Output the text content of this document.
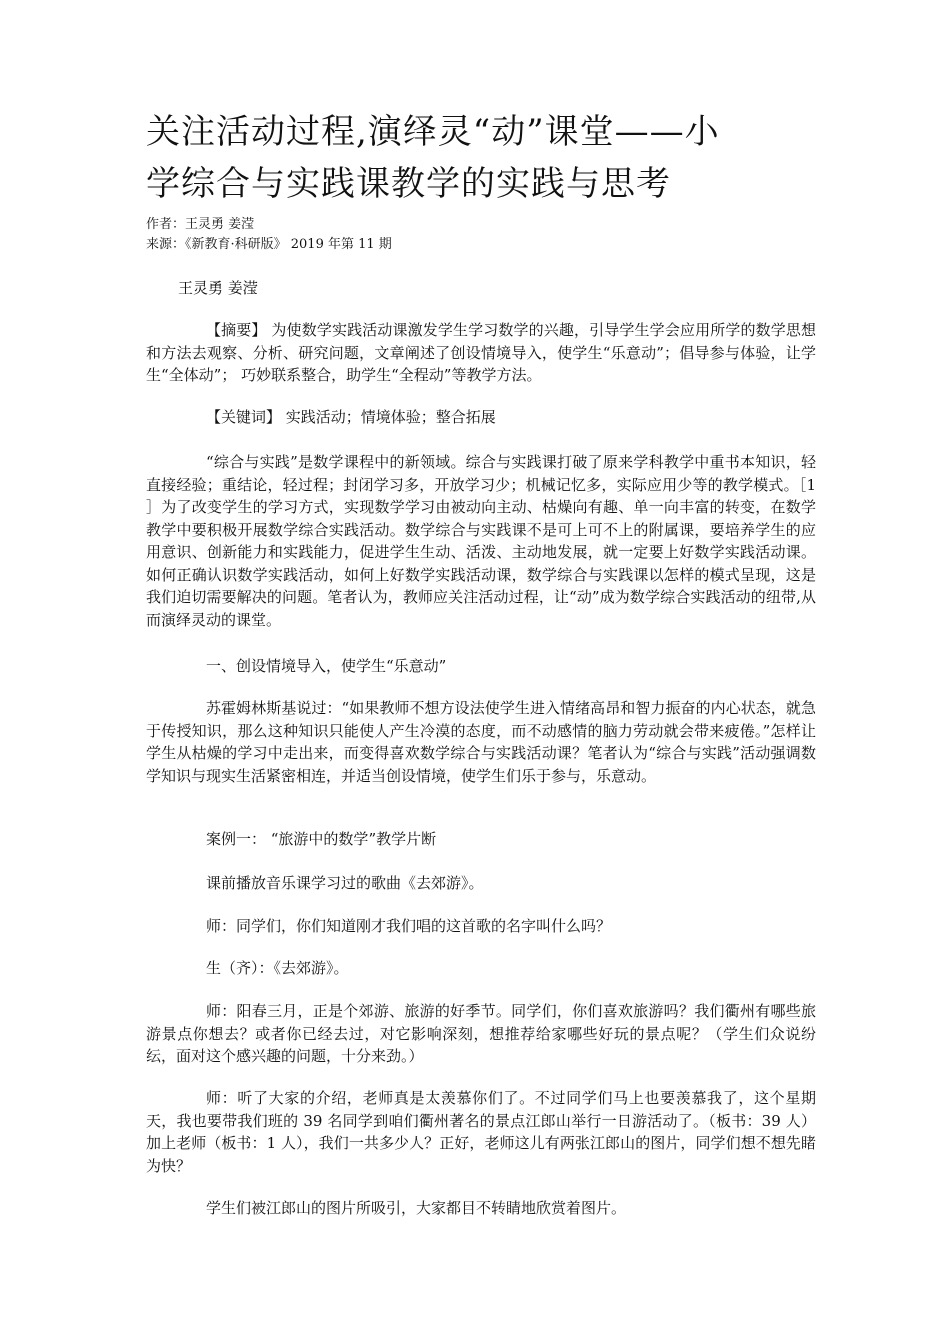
关注活动过程,演绎灵“动”课堂——小
学综合与实践课教学的实践与思考
作者：王灵勇 姜滢
来源：《新教育·科研版》 2019 年第 11 期
王灵勇 姜滢

【摘要】 为使数学实践活动课激发学生学习数学的兴趣，引导学生学会应用所学的数学思想和方法去观察、分析、研究问题，文章阐述了创设情境导入，使学生“乐意动”；倡导参与体验，让学生“全体动”； 巧妙联系整合，助学生“全程动”等教学方法。

【关键词】 实践活动；情境体验；整合拓展

“综合与实践”是数学课程中的新领域。综合与实践课打破了原来学科教学中重书本知识，轻直接经验；重结论，轻过程；封闭学习多，开放学习少；机械记忆多，实际应用少等的教学模式。［1 ］为了改变学生的学习方式，实现数学学习由被动向主动、枯燥向有趣、单一向丰富的转变，在数学教学中要积极开展数学综合实践活动。数学综合与实践课不是可上可不上的附属课，要培养学生的应用意识、创新能力和实践能力，促进学生生动、活泼、主动地发展，就一定要上好数学实践活动课。如何正确认识数学实践活动，如何上好数学实践活动课，数学综合与实践课以怎样的模式呈现，这是我们迫切需要解决的问题。笔者认为，教师应关注活动过程，让“动”成为数学综合实践活动的纽带,从而演绎灵动的课堂。

一、创设情境导入，使学生“乐意动”

苏霍姆林斯基说过：“如果教师不想方设法使学生进入情绪高昂和智力振奋的内心状态，就急于传授知识，那么这种知识只能使人产生冷漠的态度，而不动感情的脑力劳动就会带来疲倦。”怎样让学生从枯燥的学习中走出来，而变得喜欢数学综合与实践活动课？笔者认为“综合与实践”活动强调数学知识与现实生活紧密相连，并适当创设情境，使学生们乐于参与，乐意动。

案例一： “旅游中的数学”教学片断
课前播放音乐课学习过的歌曲《去郊游》。
师：同学们，你们知道刚才我们唱的这首歌的名字叫什么吗？
生（齐）：《去郊游》。

师：阳春三月，正是个郊游、旅游的好季节。同学们，你们喜欢旅游吗？我们衢州有哪些旅游景点你想去？或者你已经去过，对它影响深刻，想推荐给家哪些好玩的景点呢？（学生们众说纷纭，面对这个感兴趣的问题，十分来劲。）

师：听了大家的介绍，老师真是太羡慕你们了。不过同学们马上也要羡慕我了，这个星期天，我也要带我们班的 39 名同学到咱们衢州著名的景点江郎山举行一日游活动了。（板书：39 人）加上老师（板书：1 人），我们一共多少人？正好，老师这儿有两张江郎山的图片，同学们想不想先睹为快？

学生们被江郎山的图片所吸引，大家都目不转睛地欣赏着图片。
